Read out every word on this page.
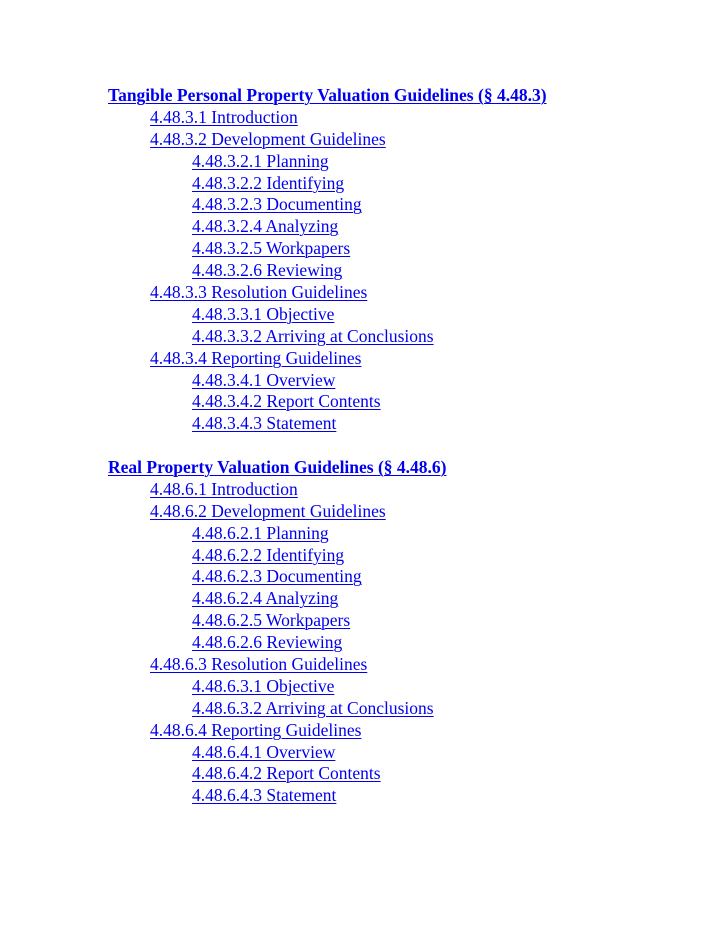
Tangible Personal Property Valuation Guidelines (§ 4.48.3)
4.48.3.1 Introduction
4.48.3.2 Development Guidelines
4.48.3.2.1 Planning
4.48.3.2.2 Identifying
4.48.3.2.3 Documenting
4.48.3.2.4 Analyzing
4.48.3.2.5 Workpapers
4.48.3.2.6 Reviewing
4.48.3.3 Resolution Guidelines
4.48.3.3.1 Objective
4.48.3.3.2 Arriving at Conclusions
4.48.3.4 Reporting Guidelines
4.48.3.4.1 Overview
4.48.3.4.2 Report Contents
4.48.3.4.3 Statement
Real Property Valuation Guidelines (§ 4.48.6)
4.48.6.1 Introduction
4.48.6.2 Development Guidelines
4.48.6.2.1 Planning
4.48.6.2.2 Identifying
4.48.6.2.3 Documenting
4.48.6.2.4 Analyzing
4.48.6.2.5 Workpapers
4.48.6.2.6 Reviewing
4.48.6.3 Resolution Guidelines
4.48.6.3.1 Objective
4.48.6.3.2 Arriving at Conclusions
4.48.6.4 Reporting Guidelines
4.48.6.4.1 Overview
4.48.6.4.2 Report Contents
4.48.6.4.3 Statement
